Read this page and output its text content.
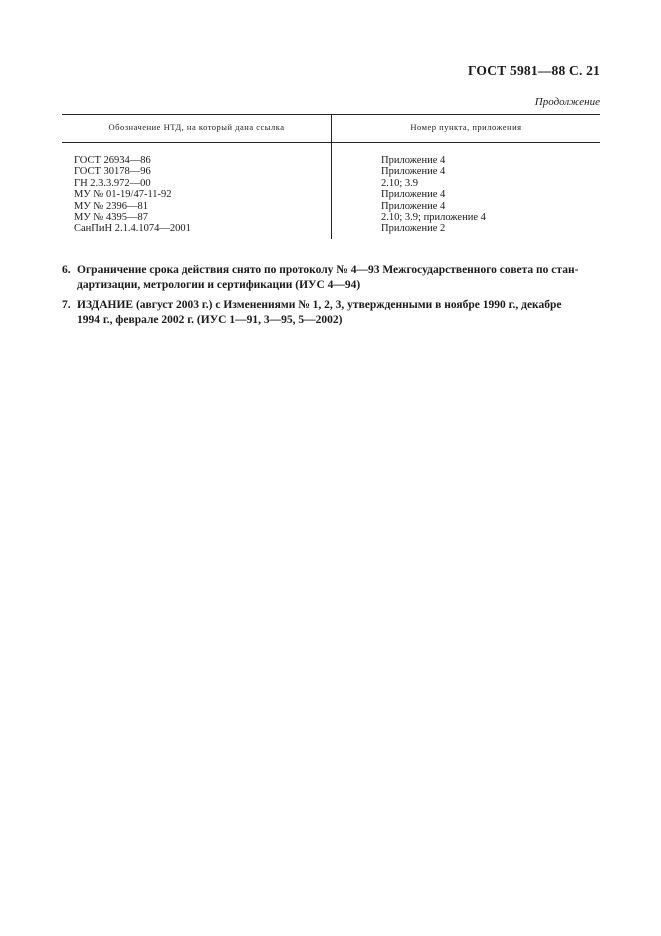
ГОСТ 5981—88 С. 21
Продолжение
Обозначение НТД, на который дана ссылка	Номер пункта, приложения
ГОСТ 26934—86
ГОСТ 30178—96
ГН 2.3.3.972—00
МУ № 01-19/47-11-92
МУ № 2396—81
МУ № 4395—87
СанПиН 2.1.4.1074—2001
Приложение 4
Приложение 4
2.10; 3.9
Приложение 4
Приложение 4
2.10; 3.9; приложение 4
Приложение 2
6. Ограничение срока действия снято по протоколу № 4—93 Межгосударственного совета по стан-
дартизации, метрологии и сертификации (ИУС 4—94)
7. ИЗДАНИЕ (август 2003 г.) с Изменениями № 1, 2, 3, утвержденными в ноябре 1990 г., декабре
1994 г., феврале 2002 г. (ИУС 1—91, 3—95, 5—2002)
